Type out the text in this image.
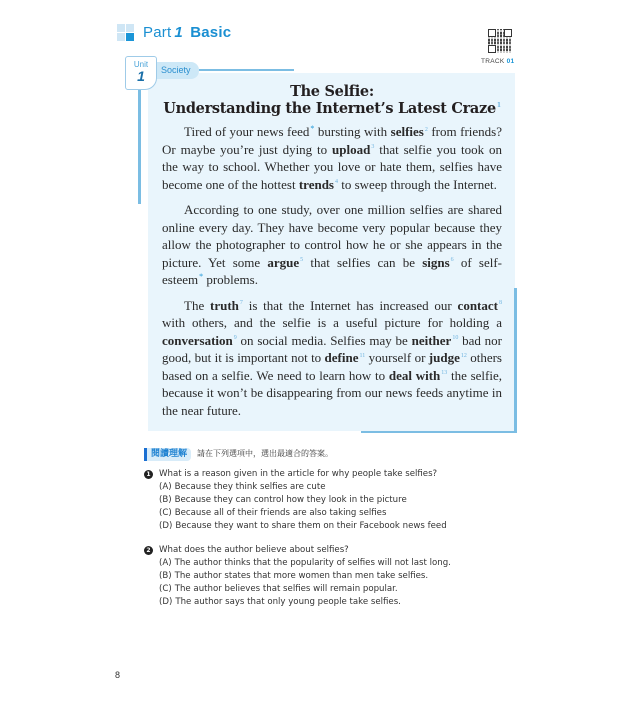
Part 1 Basic
TRACK 01
Unit
1	Society
The Selfie:
Understanding the Internet’s Latest Craze$^1$

Tired of your news feed* bursting with selfies$^2$ from friends? Or maybe you’re just dying to upload$^3$ that selfie you took on the way to school. Whether you love or hate them, selfies have become one of the hottest trends$^4$ to sweep through the Internet.

According to one study, over one million selfies are shared online every day. They have become very popular because they allow the photographer to control how he or she appears in the picture. Yet some argue$^5$ that selfies can be signs$^6$ of self-esteem* problems.

The truth$^7$ is that the Internet has increased our contact$^8$ with others, and the selfie is a useful picture for holding a conversation$^9$ on social media. Selfies may be neither$^{10}$ bad nor good, but it is important not to define$^{11}$ yourself or judge$^{12}$ others based on a selfie. We need to learn how to deal with$^{13}$ the selfie, because it won’t be disappearing from our news feeds anytime in the near future.

閱讀理解	請在下列選項中，選出最適合的答案。
1 What is a reason given in the article for why people take selfies?
(A) Because they think selfies are cute
(B) Because they can control how they look in the picture
(C) Because all of their friends are also taking selfies
(D) Because they want to share them on their Facebook news feed
2 What does the author believe about selfies?
(A) The author thinks that the popularity of selfies will not last long.
(B) The author states that more women than men take selfies.
(C) The author believes that selfies will remain popular.
(D) The author says that only young people take selfies.
8
